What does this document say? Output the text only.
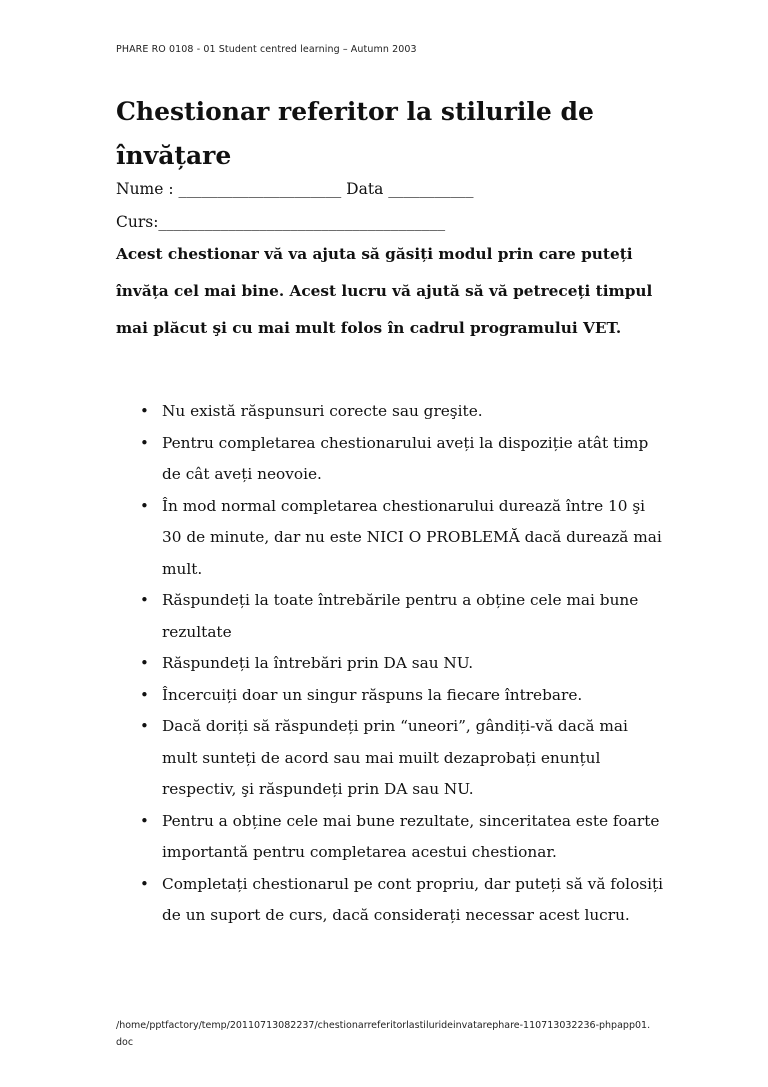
PHARE RO 0108 - 01 Student centred learning – Autumn 2003
Chestionar referitor la stilurile de învățare
Nume : _____________________ Data ___________
Curs:_____________________________________

Acest chestionar vă va ajuta să găsiți modul prin care puteți învăța cel mai bine. Acest lucru vă ajută să vă petreceți timpul mai plăcut şi cu mai mult folos în cadrul programului VET.

• Nu există răspunsuri corecte sau greşite.
• Pentru completarea chestionarului aveți la dispoziție atât timp de cât aveți neovoie.
• În mod normal completarea chestionarului durează între 10 şi 30 de minute, dar nu este NICI O PROBLEMĂ dacă durează mai mult.
• Răspundeți la toate întrebările pentru a obține cele mai bune rezultate
• Răspundeți la întrebări prin DA sau NU.
• Încercuiți doar un singur răspuns la fiecare întrebare.
• Dacă doriți să răspundeți prin “uneori”, gândiți-vă dacă mai mult sunteți de acord sau mai muilt dezaprobați enunțul respectiv, şi răspundeți prin DA sau NU.
• Pentru a obține cele mai bune rezultate, sinceritatea este foarte importantă pentru completarea acestui chestionar.
• Completați chestionarul pe cont propriu, dar puteți să vă folosiți de un suport de curs, dacă considerați necessar acest lucru.
/home/pptfactory/temp/20110713082237/chestionarreferitorlastilurideinvatarephare-110713032236-phpapp01.doc
